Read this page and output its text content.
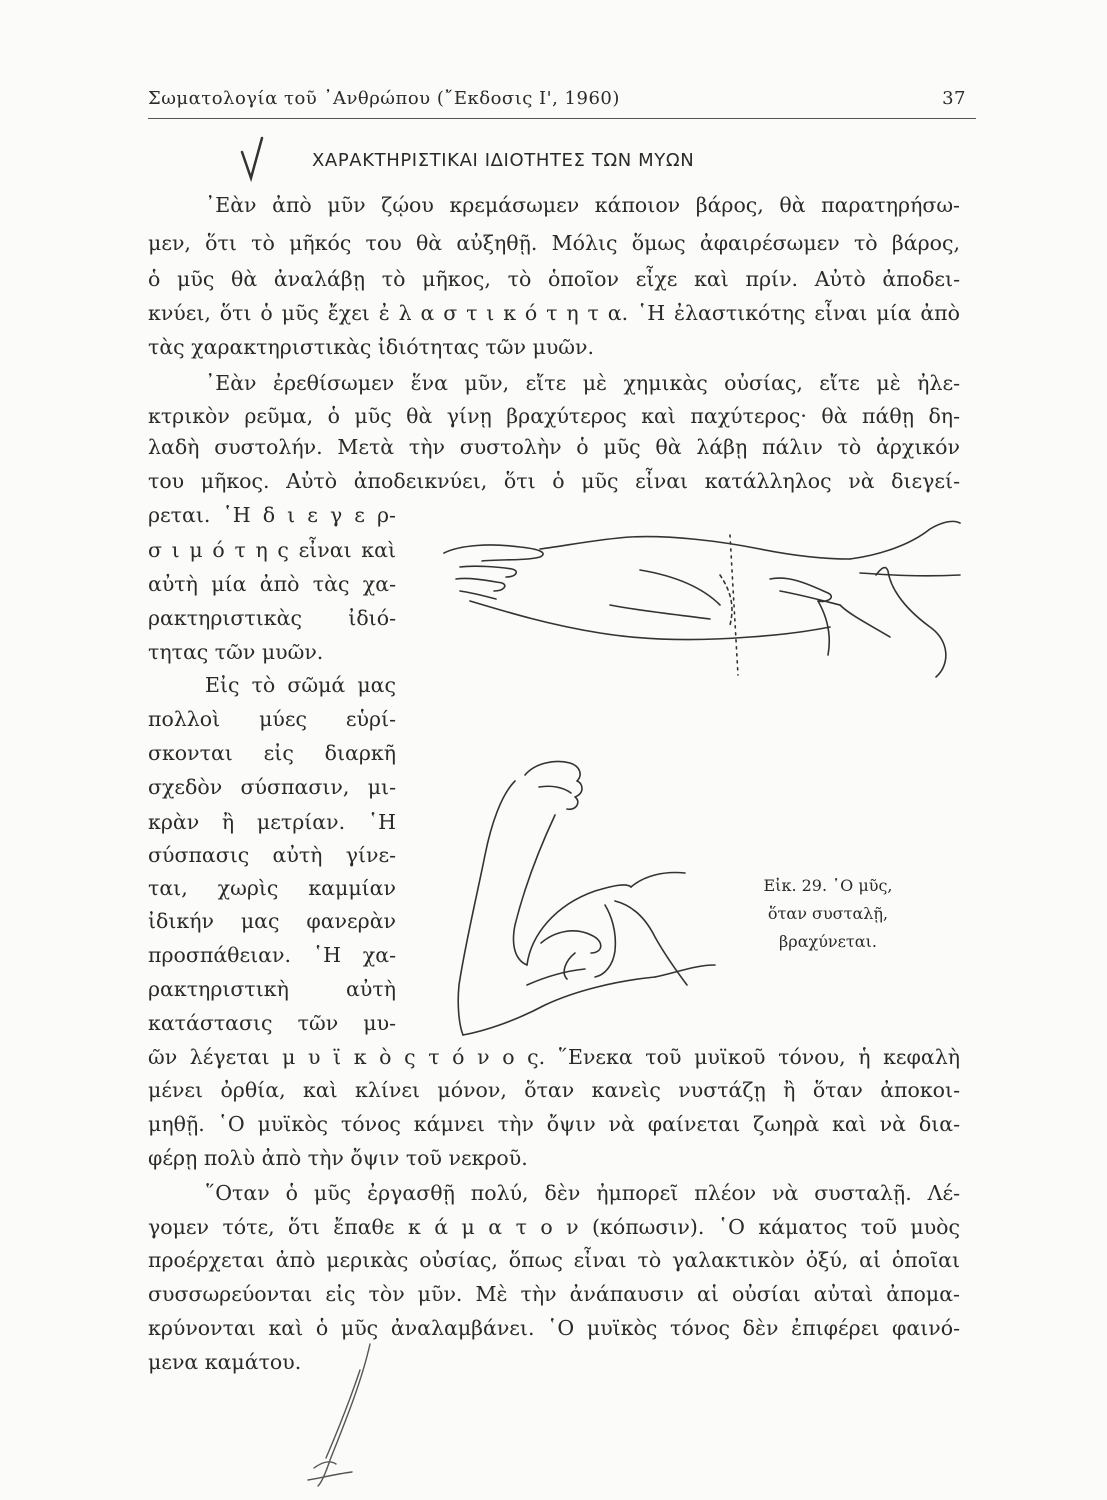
Σωματολογία τοῦ ᾿Ανθρώπου (῎Εκδοσις Ι', 1960)	37
ΧΑΡΑΚΤΗΡΙΣΤΙΚΑΙ ΙΔΙΟΤΗΤΕΣ ΤΩΝ ΜΥΩΝ
᾿Εὰν ἀπὸ μῦν ζῴου κρεμάσωμεν κάποιον βάρος, θὰ παρατηρήσω-
μεν, ὅτι τὸ μῆκός του θὰ αὐξηθῇ. Μόλις ὅμως ἀφαιρέσωμεν τὸ βάρος,
ὁ μῦς θὰ ἀναλάβῃ τὸ μῆκος, τὸ ὁποῖον εἶχε καὶ πρίν. Αὐτὸ ἀποδει-
κνύει, ὅτι ὁ μῦς ἔχει ἐ λ α σ τ ι κ ό τ η τ α. ῾Η ἐλαστικότης εἶναι μία ἀπὸ
τὰς χαρακτηριστικὰς ἰδιότητας τῶν μυῶν.
᾿Εὰν ἐρεθίσωμεν ἕνα μῦν, εἴτε μὲ χημικὰς οὐσίας, εἴτε μὲ ἠλε-
κτρικὸν ρεῦμα, ὁ μῦς θὰ γίνῃ βραχύτερος καὶ παχύτερος· θὰ πάθῃ δη-
λαδὴ συστολήν. Μετὰ τὴν συστολὴν ὁ μῦς θὰ λάβῃ πάλιν τὸ ἀρχικόν
του μῆκος. Αὐτὸ ἀποδεικνύει, ὅτι ὁ μῦς εἶναι κατάλληλος νὰ διεγεί-
ρεται. ῾Η δ ι ε γ ε ρ-
σ ι μ ό τ η ς εἶναι καὶ
αὐτὴ μία ἀπὸ τὰς χα-
ρακτηριστικὰς ἰδιό-
τητας τῶν μυῶν.
Εἰς τὸ σῶμά μας
πολλοὶ μύες εὑρί-
σκονται εἰς διαρκῆ
σχεδὸν σύσπασιν, μι-
κρὰν ἢ μετρίαν. ῾Η
σύσπασις αὐτὴ γίνε-
ται, χωρὶς καμμίαν
ἰδικήν μας φανερὰν
προσπάθειαν. ῾Η χα-
ρακτηριστικὴ αὐτὴ
κατάστασις τῶν μυ-
ῶν λέγεται μ υ ϊ κ ὸ ς τ ό ν ο ς. ῞Ενεκα τοῦ μυϊκοῦ τόνου, ἡ κεφαλὴ
μένει ὀρθία, καὶ κλίνει μόνον, ὅταν κανεὶς νυστάζῃ ἢ ὅταν ἀποκοι-
μηθῇ. ῾Ο μυϊκὸς τόνος κάμνει τὴν ὄψιν νὰ φαίνεται ζωηρὰ καὶ νὰ δια-
φέρῃ πολὺ ἀπὸ τὴν ὄψιν τοῦ νεκροῦ.
῞Οταν ὁ μῦς ἐργασθῇ πολύ, δὲν ἠμπορεῖ πλέον νὰ συσταλῇ. Λέ-
γομεν τότε, ὅτι ἔπαθε κ ά μ α τ ο ν (κόπωσιν). ῾Ο κάματος τοῦ μυὸς
προέρχεται ἀπὸ μερικὰς οὐσίας, ὅπως εἶναι τὸ γαλακτικὸν ὀξύ, αἱ ὁποῖαι
συσσωρεύονται εἰς τὸν μῦν. Μὲ τὴν ἀνάπαυσιν αἱ οὐσίαι αὐταὶ ἀπομα-
κρύνονται καὶ ὁ μῦς ἀναλαμβάνει. ῾Ο μυϊκὸς τόνος δὲν ἐπιφέρει φαινό-
μενα καμάτου.
Εἰκ. 29. ῾Ο μῦς,
ὅταν συσταλῇ,
βραχύνεται.
